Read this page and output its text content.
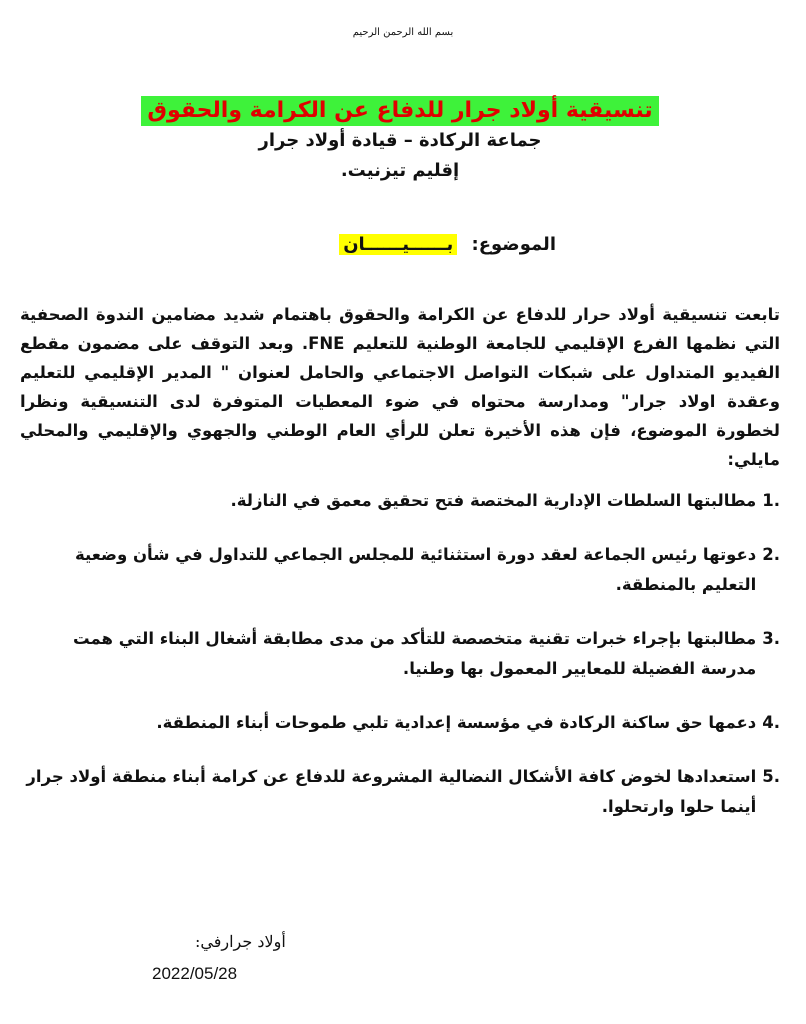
بسم الله الرحمن الرحيم
تنسيقية أولاد جرار للدفاع عن الكرامة والحقوق
جماعة الركادة – قيادة أولاد جرار
إقليم تيزنيت.
الموضوع: بــــــيــــــان
تابعت تنسيقية أولاد حرار للدفاع عن الكرامة والحقوق باهتمام شديد مضامين الندوة الصحفية التي نظمها الفرع الإقليمي للجامعة الوطنية للتعليم FNE. وبعد التوقف على مضمون مقطع الفيديو المتداول على شبكات التواصل الاجتماعي والحامل لعنوان " المدير الإقليمي للتعليم وعقدة اولاد جرار" ومدارسة محتواه في ضوء المعطيات المتوفرة لدى التنسيقية ونظرا لخطورة الموضوع، فإن هذه الأخيرة تعلن للرأي العام الوطني والجهوي والإقليمي والمحلي مايلي:
1.
مطالبتها السلطات الإدارية المختصة فتح تحقيق معمق في النازلة.
2.
دعوتها رئيس الجماعة لعقد دورة استثنائية للمجلس الجماعي للتداول في شأن وضعية التعليم بالمنطقة.
3.
مطالبتها بإجراء خبرات تقنية متخصصة للتأكد من مدى مطابقة أشغال البناء التي همت مدرسة الفضيلة للمعايير المعمول بها وطنيا.
4.
دعمها حق ساكنة الركادة في مؤسسة إعدادية تلبي طموحات أبناء المنطقة.
5.
استعدادها لخوض كافة الأشكال النضالية المشروعة للدفاع عن كرامة أبناء منطقة أولاد جرار أينما حلوا وارتحلوا.
أولاد جرارفي:
2022/05/28
